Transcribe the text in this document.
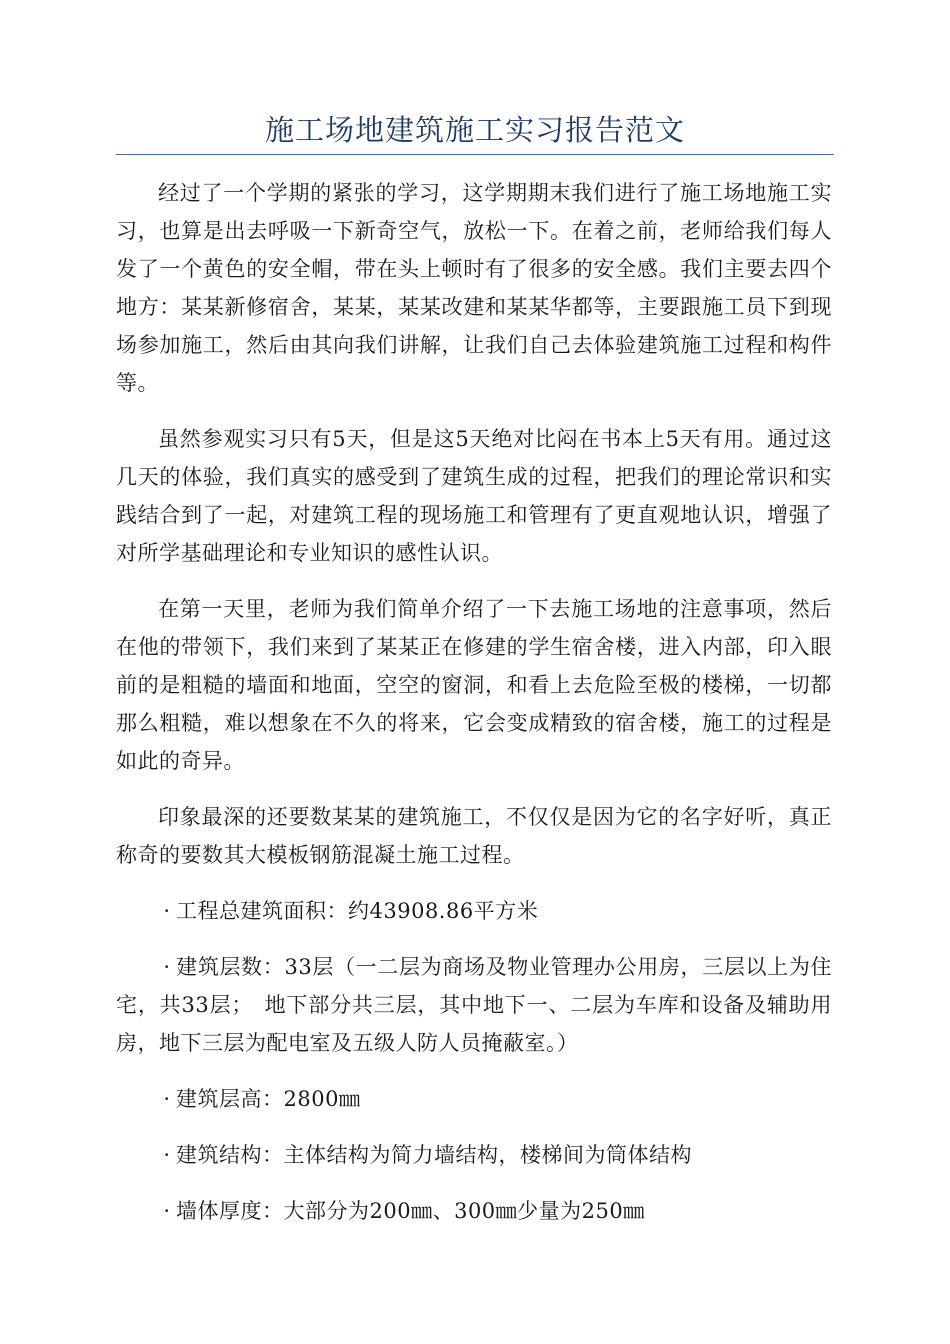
施工场地建筑施工实习报告范文

经过了一个学期的紧张的学习，这学期期末我们进行了施工场地施工实习，也算是出去呼吸一下新奇空气，放松一下。在着之前，老师给我们每人发了一个黄色的安全帽，带在头上顿时有了很多的安全感。我们主要去四个地方：某某新修宿舍，某某，某某改建和某某华都等，主要跟施工员下到现场参加施工，然后由其向我们讲解，让我们自己去体验建筑施工过程和构件等。

虽然参观实习只有5天，但是这5天绝对比闷在书本上5天有用。通过这几天的体验，我们真实的感受到了建筑生成的过程，把我们的理论常识和实践结合到了一起，对建筑工程的现场施工和管理有了更直观地认识，增强了对所学基础理论和专业知识的感性认识。

在第一天里，老师为我们简单介绍了一下去施工场地的注意事项，然后在他的带领下，我们来到了某某正在修建的学生宿舍楼，进入内部，印入眼前的是粗糙的墙面和地面，空空的窗洞，和看上去危险至极的楼梯，一切都那么粗糙，难以想象在不久的将来，它会变成精致的宿舍楼，施工的过程是如此的奇异。

印象最深的还要数某某的建筑施工，不仅仅是因为它的名字好听，真正称奇的要数其大模板钢筋混凝土施工过程。

· 工程总建筑面积：约43908.86平方米

· 建筑层数：33层（一二层为商场及物业管理办公用房，三层以上为住宅，共33层；　地下部分共三层，其中地下一、二层为车库和设备及辅助用房，地下三层为配电室及五级人防人员掩蔽室。）

· 建筑层高：2800㎜

· 建筑结构：主体结构为简力墙结构，楼梯间为筒体结构

· 墙体厚度：大部分为200㎜、300㎜少量为250㎜
